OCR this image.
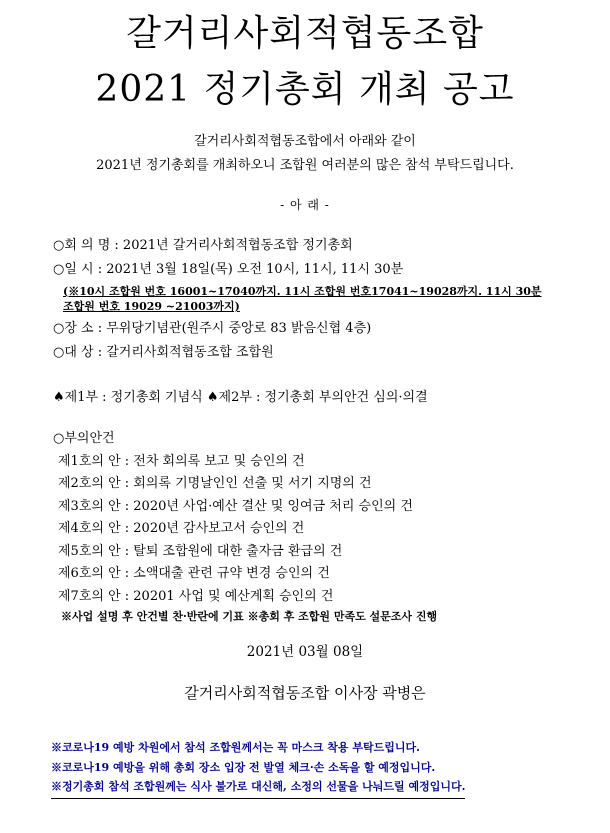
갈거리사회적협동조합
2021 정기총회 개최 공고
갈거리사회적협동조합에서 아래와 같이
2021년 정기총회를 개최하오니 조합원 여러분의 많은 참석 부탁드립니다.
- 아 래 -
○회 의 명 : 2021년 갈거리사회적협동조합 정기총회
○일 시 : 2021년 3월 18일(목) 오전 10시, 11시, 11시 30분
(※10시 조합원 번호 16001~17040까지. 11시 조합원 번호17041~19028까지. 11시 30분 조합원 번호 19029 ~21003까지)
○장 소 : 무위당기념관(원주시 중앙로 83 밝음신협 4층)
○대 상 : 갈거리사회적협동조합 조합원
♠제1부 : 정기총회 기념식 ♠제2부 : 정기총회 부의안건 심의·의결
○부의안건
제1호의 안 : 전차 회의록 보고 및 승인의 건
제2호의 안 : 회의록 기명날인인 선출 및 서기 지명의 건
제3호의 안 : 2020년 사업·예산 결산 및 잉여금 처리 승인의 건
제4호의 안 : 2020년 감사보고서 승인의 건
제5호의 안 : 탈퇴 조합원에 대한 출자금 환급의 건
제6호의 안 : 소액대출 관련 규약 변경 승인의 건
제7호의 안 : 20201 사업 및 예산계획 승인의 건
※사업 설명 후 안건별 찬·반란에 기표 ※총회 후 조합원 만족도 설문조사 진행
2021년 03월 08일
갈거리사회적협동조합 이사장 곽병은
※코로나19 예방 차원에서 참석 조합원께서는 꼭 마스크 착용 부탁드립니다.
※코로나19 예방을 위해 총회 장소 입장 전 발열 체크·손 소독을 할 예정입니다.
※정기총회 참석 조합원께는 식사 불가로 대신해, 소정의 선물을 나눠드릴 예정입니다.
